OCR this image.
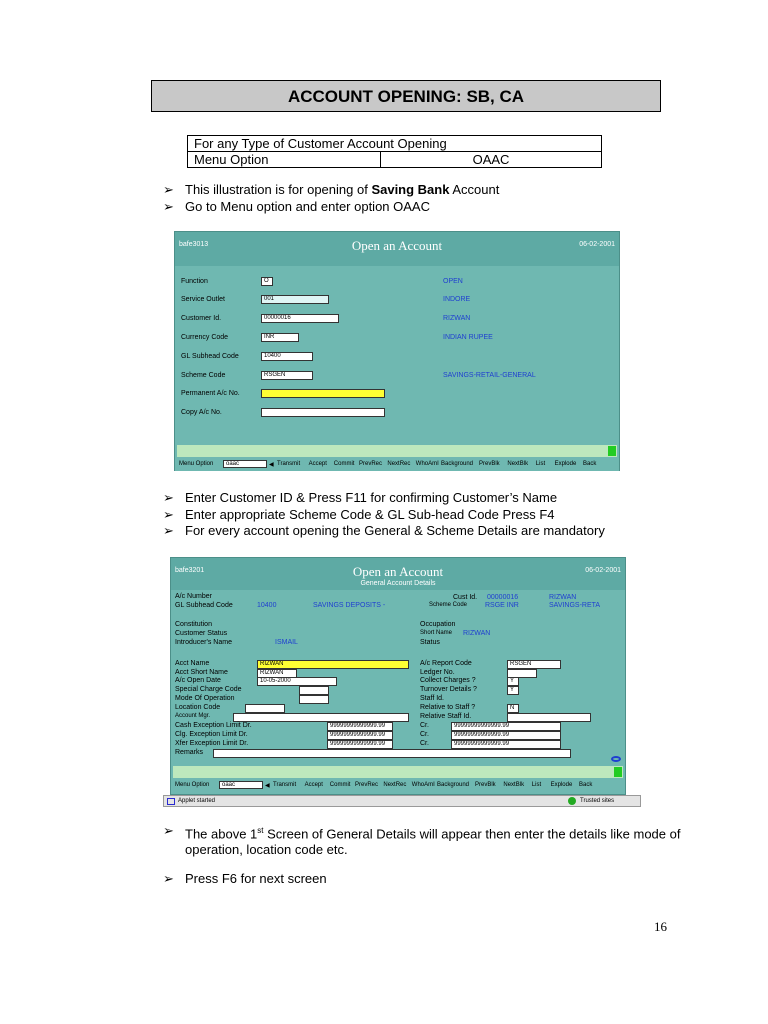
ACCOUNT OPENING: SB, CA
For any Type of Customer Account Opening
Menu Option	OAAC
➢ This illustration is for opening of Saving Bank Account
➢ Go to Menu option and enter option OAAC
bafe3013	Open an Account	06-02-2001
Function	O	OPEN
Service Outlet	001	INDORE
Customer Id.	00000016	RIZWAN
Currency Code	INR	INDIAN RUPEE
GL Subhead Code	10400
Scheme Code	RSGEN	SAVINGS-RETAIL-GENERAL
Permanent A/c No.
Copy A/c No.
Menu Option	oaac	◀ Transmit Accept Commit PrevRec NextRec WhoAmI Background PrevBlk NextBlk List Explode Back
➢ Enter Customer ID & Press F11 for confirming Customer’s Name
➢ Enter appropriate Scheme Code & GL Sub-head Code Press F4
➢ For every account opening the General & Scheme Details are mandatory
bafe3201	Open an Account	06-02-2001
General Account Details
A/c Number
GL Subhead Code	10400	SAVINGS DEPOSITS -
Cust Id. 00000016	RIZWAN
Scheme Code	RSGE INR	SAVINGS-RETA
Constitution
Customer Status
Introducer's Name	ISMAIL
Occupation
Short Name RIZWAN
Status
Acct Name	RIZWAN
Acct Short Name	RIZWAN
A/c Open Date	10-05-2000
Special Charge Code
Mode Of Operation
Location Code
Account Mgr.
A/c Report Code	RSGEN
Ledger No.
Collect Charges ?	Y
Turnover Details ?	Y
Staff Id.
Relative to Staff ?	N
Relative Staff Id.
Cash Exception Limit Dr.	99999999999999.99	Cr.	99999999999999.99
Clg. Exception Limit Dr.	99999999999999.99	Cr.	99999999999999.99
Xfer Exception Limit Dr.	99999999999999.99	Cr.	99999999999999.99
Remarks
Menu Option	oaac	◀ Transmit Accept Commit PrevRec NextRec WhoAmI Background PrevBlk NextBlk List Explode Back
Applet started	Trusted sites
➢ The above 1st Screen of General Details will appear then enter the details like mode of operation, location code etc.
➢ Press F6 for next screen
16
